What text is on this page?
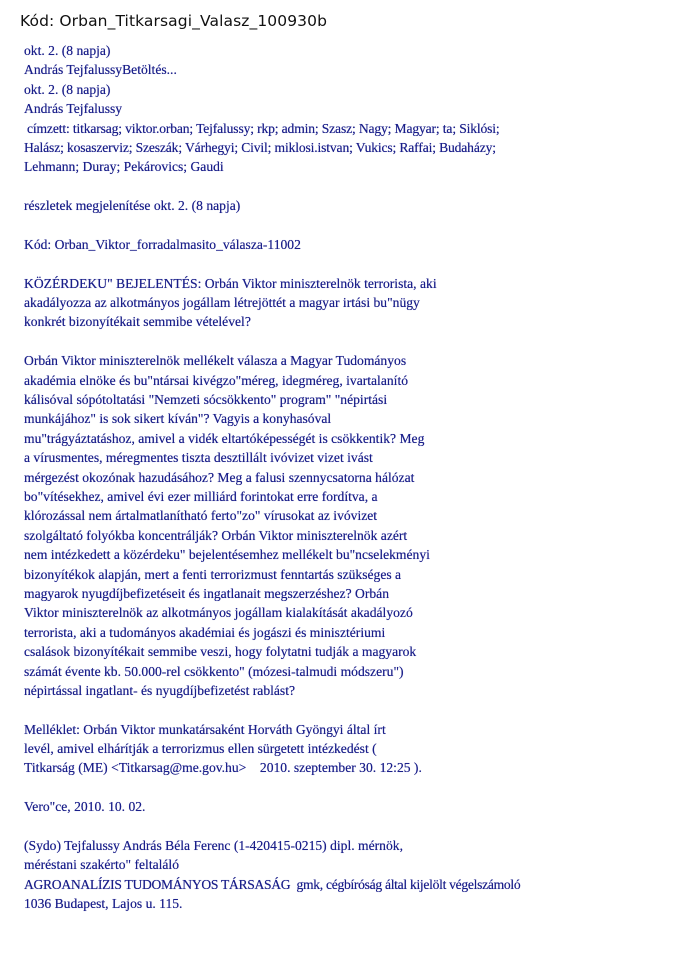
Kód: Orban_Titkarsagi_Valasz_100930b
okt. 2. (8 napja)
András TejfalussyBetöltés...
okt. 2. (8 napja)
András Tejfalussy
címzett: titkarsag; viktor.orban; Tejfalussy; rkp; admin; Szasz; Nagy; Magyar; ta; Siklósi;
Halász; kosaszerviz; Szeszák; Várhegyi; Civil; miklosi.istvan; Vukics; Raffai; Budaházy;
Lehmann; Duray; Pekárovics; Gaudi
részletek megjelenítése okt. 2. (8 napja)
Kód: Orban_Viktor_forradalmasito_válasza-11002
KÖZÉRDEKU" BEJELENTÉS: Orbán Viktor miniszterelnök terrorista, aki
akadályozza az alkotmányos jogállam létrejöttét a magyar irtási bu"nügy
konkrét bizonyítékait semmibe vételével?
Orbán Viktor miniszterelnök mellékelt válasza a Magyar Tudományos
akadémia elnöke és bu"ntársai kivégzo"méreg, idegméreg, ivartalanító
kálisóval sópótoltatási "Nemzeti sócsökkento" program" "népirtási
munkájához" is sok sikert kíván"? Vagyis a konyhasóval
mu"trágyáztatáshoz, amivel a vidék eltartóképességét is csökkentik? Meg
a vírusmentes, méregmentes tiszta desztillált ivóvizet vizet ivást
mérgezést okozónak hazudásához? Meg a falusi szennycsatorna hálózat
bo"vítésekhez, amivel évi ezer milliárd forintokat erre fordítva, a
klórozással nem ártalmatlanítható ferto"zo" vírusokat az ivóvizet
szolgáltató folyókba koncentrálják? Orbán Viktor miniszterelnök azért
nem intézkedett a közérdeku" bejelentésemhez mellékelt bu"ncselekményi
bizonyítékok alapján, mert a fenti terrorizmust fenntartás szükséges a
magyarok nyugdíjbefizetéseit és ingatlanait megszerzéshez? Orbán
Viktor miniszterelnök az alkotmányos jogállam kialakítását akadályozó
terrorista, aki a tudományos akadémiai és jogászi és minisztériumi
csalások bizonyítékait semmibe veszi, hogy folytatni tudják a magyarok
számát évente kb. 50.000-rel csökkento" (mózesi-talmudi módszeru")
népirtással ingatlant- és nyugdíjbefizetést rablást?
Melléklet: Orbán Viktor munkatársaként Horváth Gyöngyi által írt
levél, amivel elhárítják a terrorizmus ellen sürgetett intézkedést (
Titkarság (ME) <Titkarsag@me.gov.hu>    2010. szeptember 30. 12:25 ).
Vero"ce, 2010. 10. 02.
(Sydo) Tejfalussy András Béla Ferenc (1-420415-0215) dipl. mérnök,
méréstani szakérto" feltaláló
AGROANALÍZIS TUDOMÁNYOS TÁRSASÁG  gmk, cégbíróság által kijelölt végelszámoló
1036 Budapest, Lajos u. 115.
